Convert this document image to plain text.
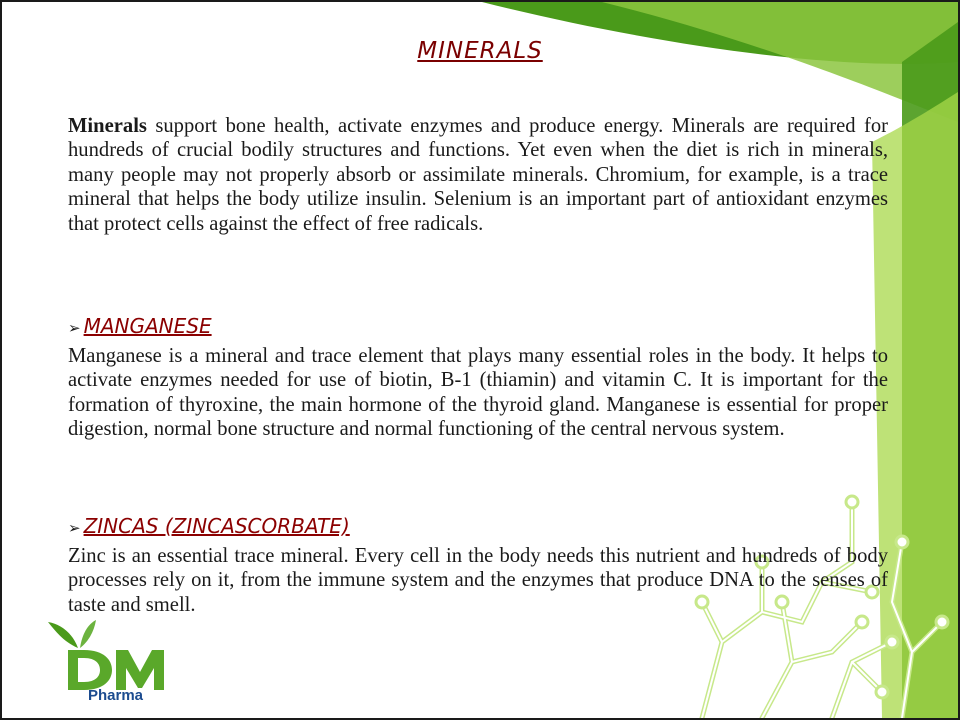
MINERALS
Minerals support bone health, activate enzymes and produce energy. Minerals are required for hundreds of crucial bodily structures and functions. Yet even when the diet is rich in minerals, many people may not properly absorb or assimilate minerals. Chromium, for example, is a trace mineral that helps the body utilize insulin. Selenium is an important part of antioxidant enzymes that protect cells against the effect of free radicals.
➢ MANGANESE
Manganese is a mineral and trace element that plays many essential roles in the body. It helps to activate enzymes needed for use of biotin, B-1 (thiamin) and vitamin C. It is important for the formation of thyroxine, the main hormone of the thyroid gland. Manganese is essential for proper digestion, normal bone structure and normal functioning of the central nervous system.
➢ ZINCAS (ZINCASCORBATE)
Zinc is an essential trace mineral. Every cell in the body needs this nutrient and hundreds of body processes rely on it, from the immune system and the enzymes that produce DNA to the senses of taste and smell.
Pharma
